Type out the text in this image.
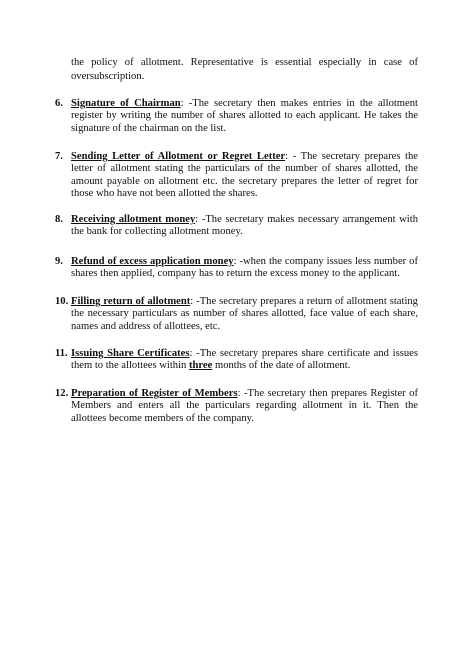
the policy of allotment. Representative is essential especially in case of oversubscription.

6. Signature of Chairman: -The secretary then makes entries in the allotment register by writing the number of shares allotted to each applicant. He takes the signature of the chairman on the list.
7. Sending Letter of Allotment or Regret Letter: - The secretary prepares the letter of allotment stating the particulars of the number of shares allotted, the amount payable on allotment etc. the secretary prepares the letter of regret for those who have not been allotted the shares.
8. Receiving allotment money: -The secretary makes necessary arrangement with the bank for collecting allotment money.
9. Refund of excess application money: -when the company issues less number of shares then applied, company has to return the excess money to the applicant.
10. Filling return of allotment: -The secretary prepares a return of allotment stating the necessary particulars as number of shares allotted, face value of each share, names and address of allottees, etc.
11. Issuing Share Certificates: -The secretary prepares share certificate and issues them to the allottees within three months of the date of allotment.
12. Preparation of Register of Members: -The secretary then prepares Register of Members and enters all the particulars regarding allotment in it. Then the allottees become members of the company.
